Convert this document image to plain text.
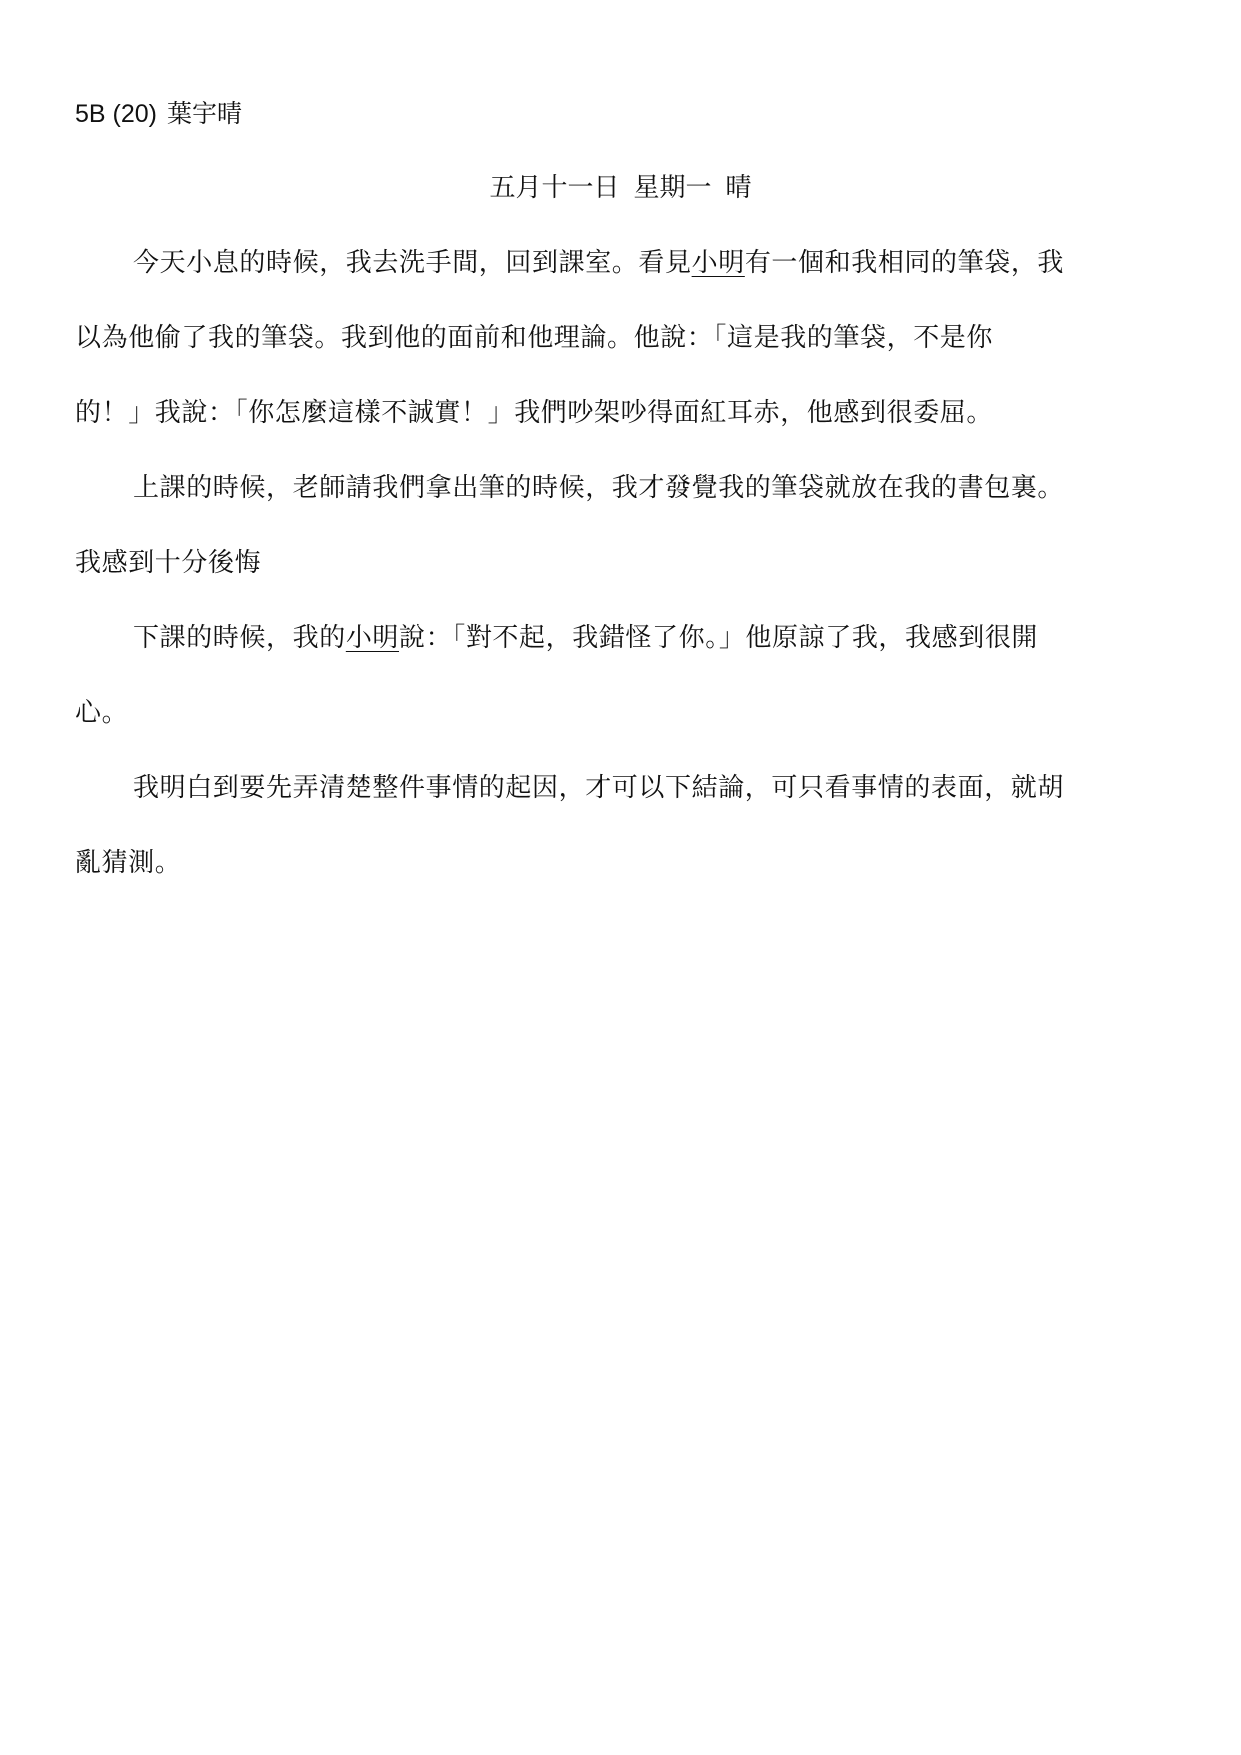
5B (20) 葉宇晴
五月十一日 星期一 晴
今天小息的時候，我去洗手間，回到課室。看見小明有一個和我相同的筆袋，我
以為他偷了我的筆袋。我到他的面前和他理論。他說：「這是我的筆袋，不是你
的！」我說：「你怎麼這樣不誠實！」我們吵架吵得面紅耳赤，他感到很委屈。
上課的時候，老師請我們拿出筆的時候，我才發覺我的筆袋就放在我的書包裏。
我感到十分後悔
下課的時候，我的小明說：「對不起，我錯怪了你。」他原諒了我，我感到很開
心。
我明白到要先弄清楚整件事情的起因，才可以下結論，可只看事情的表面，就胡
亂猜測。
